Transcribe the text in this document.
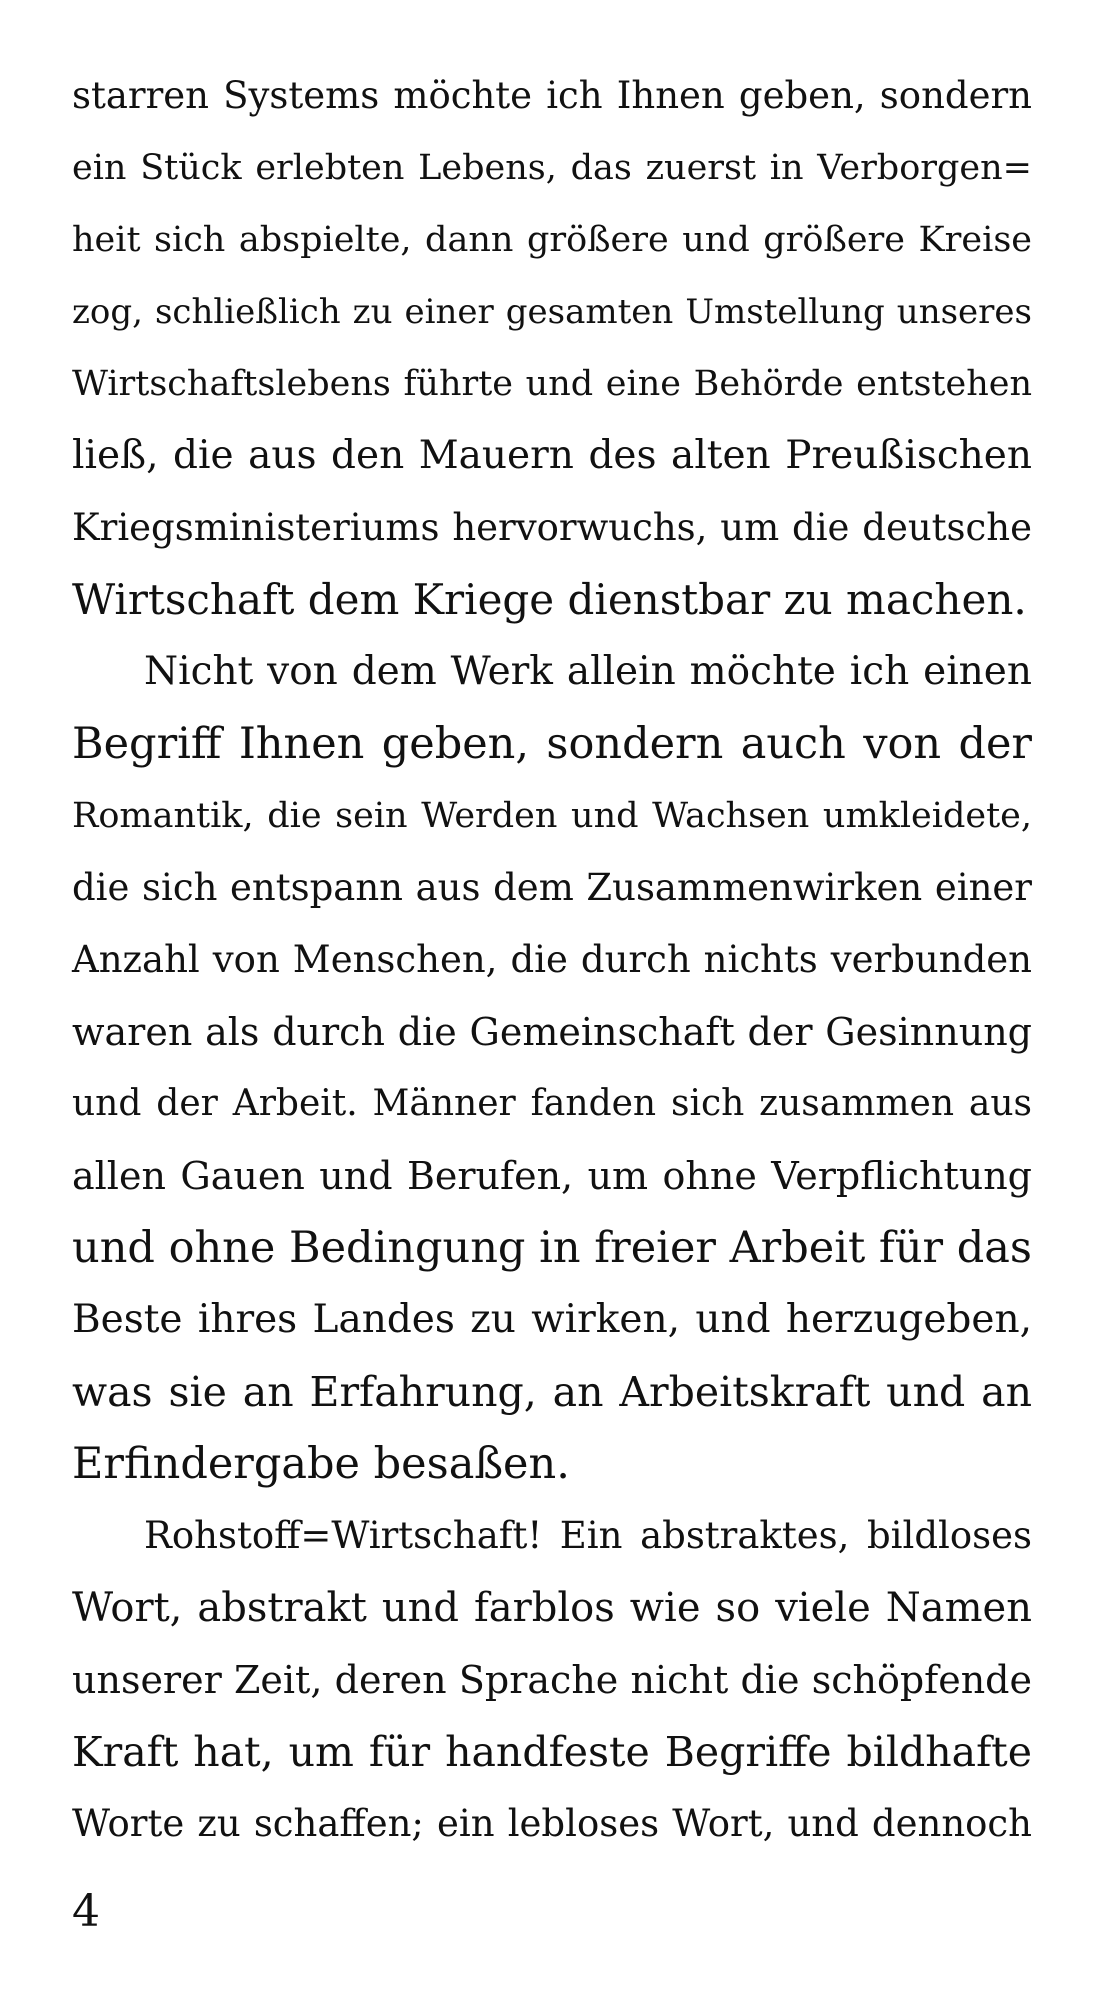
starren Systems möchte ich Ihnen geben, sondern
ein Stück erlebten Lebens, das zuerst in Verborgen=
heit sich abspielte, dann größere und größere Kreise
zog, schließlich zu einer gesamten Umstellung unseres
Wirtschaftslebens führte und eine Behörde entstehen
ließ, die aus den Mauern des alten Preußischen
Kriegsministeriums hervorwuchs, um die deutsche
Wirtschaft dem Kriege dienstbar zu machen.

Nicht von dem Werk allein möchte ich einen
Begriff Ihnen geben, sondern auch von der
Romantik, die sein Werden und Wachsen umkleidete,
die sich entspann aus dem Zusammenwirken einer
Anzahl von Menschen, die durch nichts verbunden
waren als durch die Gemeinschaft der Gesinnung
und der Arbeit. Männer fanden sich zusammen aus
allen Gauen und Berufen, um ohne Verpflichtung
und ohne Bedingung in freier Arbeit für das
Beste ihres Landes zu wirken, und herzugeben,
was sie an Erfahrung, an Arbeitskraft und an
Erfindergabe besaßen.

Rohstoff=Wirtschaft! Ein abstraktes, bildloses
Wort, abstrakt und farblos wie so viele Namen
unserer Zeit, deren Sprache nicht die schöpfende
Kraft hat, um für handfeste Begriffe bildhafte
Worte zu schaffen; ein lebloses Wort, und dennoch

4
